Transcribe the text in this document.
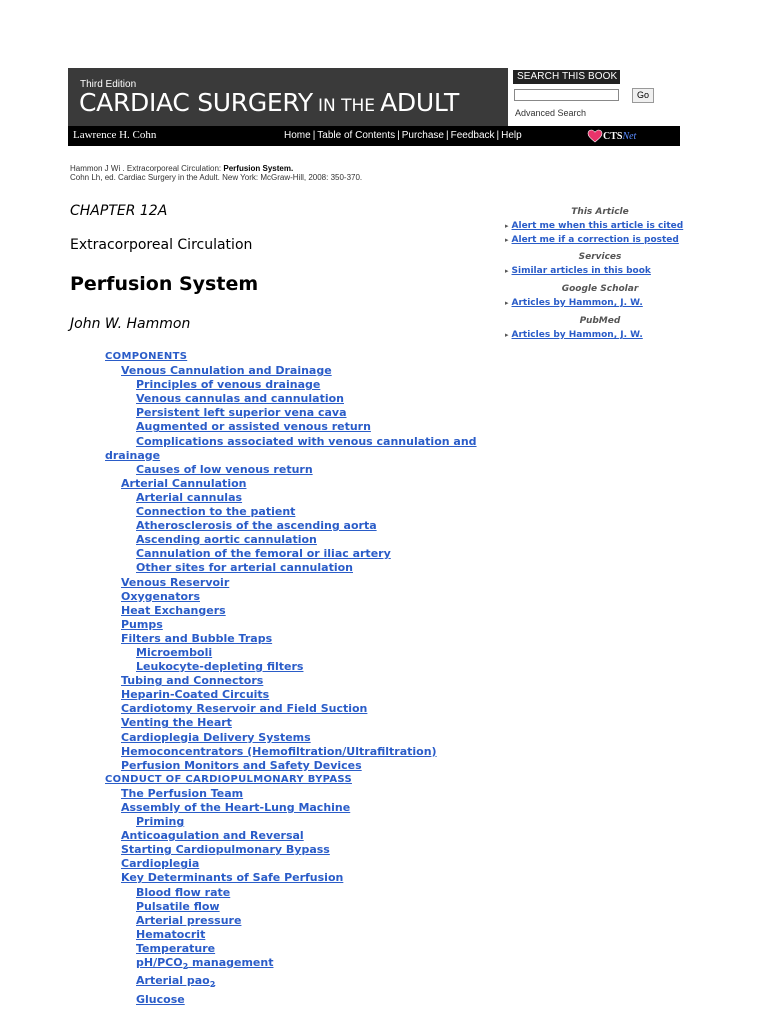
Third Edition
CARDIAC SURGERY IN THE ADULT
SEARCH THIS BOOK
Go
Advanced Search
Lawrence H. Cohn	Home | Table of Contents | Purchase | Feedback | Help	CTS Net
Hammon J Wi . Extracorporeal Circulation: Perfusion System.
Cohn Lh, ed. Cardiac Surgery in the Adult. New York: McGraw-Hill, 2008: 350-370.
CHAPTER 12A
Extracorporeal Circulation
Perfusion System
John W. Hammon
COMPONENTS
Venous Cannulation and Drainage
Principles of venous drainage
Venous cannulas and cannulation
Persistent left superior vena cava
Augmented or assisted venous return
Complications associated with venous cannulation and drainage
Causes of low venous return
Arterial Cannulation
Arterial cannulas
Connection to the patient
Atherosclerosis of the ascending aorta
Ascending aortic cannulation
Cannulation of the femoral or iliac artery
Other sites for arterial cannulation
Venous Reservoir
Oxygenators
Heat Exchangers
Pumps
Filters and Bubble Traps
Microemboli
Leukocyte-depleting filters
Tubing and Connectors
Heparin-Coated Circuits
Cardiotomy Reservoir and Field Suction
Venting the Heart
Cardioplegia Delivery Systems
Hemoconcentrators (Hemofiltration/Ultrafiltration)
Perfusion Monitors and Safety Devices
CONDUCT OF CARDIOPULMONARY BYPASS
The Perfusion Team
Assembly of the Heart-Lung Machine
Priming
Anticoagulation and Reversal
Starting Cardiopulmonary Bypass
Cardioplegia
Key Determinants of Safe Perfusion
Blood flow rate
Pulsatile flow
Arterial pressure
Hematocrit
Temperature
$pH/PCO_2$ management
Arterial pao$_2$
Glucose
This Article
▸ Alert me when this article is cited
▸ Alert me if a correction is posted
Services
▸ Similar articles in this book
Google Scholar
▸ Articles by Hammon, J. W.
PubMed
▸ Articles by Hammon, J. W.
